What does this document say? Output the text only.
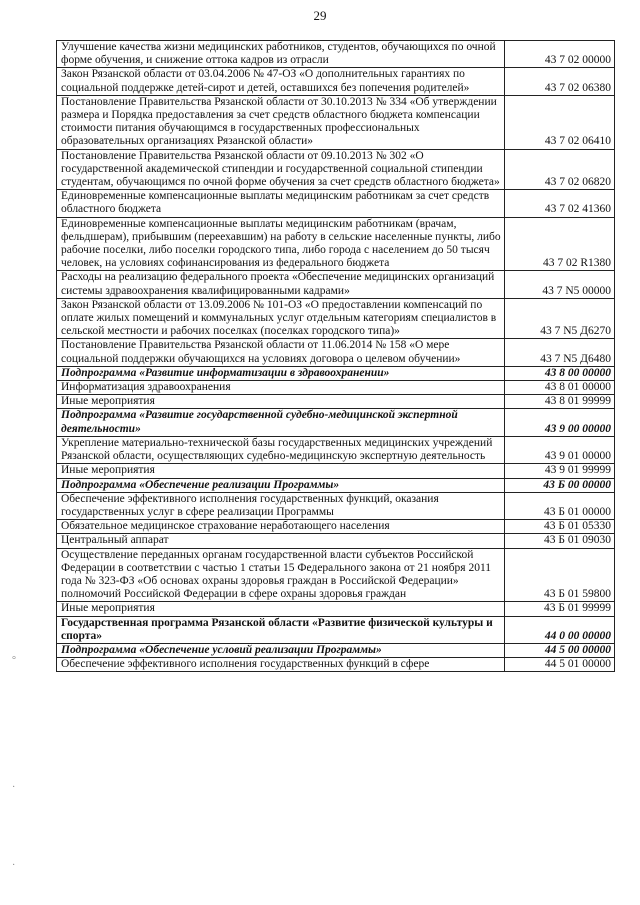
29
Улучшение качества жизни медицинских работников, студентов, обучающихся по очной форме обучения, и снижение оттока кадров из отрасли	43 7 02 00000
Закон Рязанской области от 03.04.2006 № 47-ОЗ «О дополнительных гарантиях по социальной поддержке детей-сирот и детей, оставшихся без попечения родителей»	43 7 02 06380
Постановление Правительства Рязанской области от 30.10.2013 № 334 «Об утверждении размера и Порядка предоставления за счет средств областного бюджета компенсации стоимости питания обучающимся в государственных профессиональных образовательных организациях Рязанской области»	43 7 02 06410
Постановление Правительства Рязанской области от 09.10.2013 № 302 «О государственной академической стипендии и государственной социальной стипендии студентам, обучающимся по очной форме обучения за счет средств областного бюджета»	43 7 02 06820
Единовременные компенсационные выплаты медицинским работникам за счет средств областного бюджета	43 7 02 41360
Единовременные компенсационные выплаты медицинским работникам (врачам, фельдшерам), прибывшим (переехавшим) на работу в сельские населенные пункты, либо рабочие поселки, либо поселки городского типа, либо города с населением до 50 тысяч человек, на условиях софинансирования из федерального бюджета	43 7 02 R1380
Расходы на реализацию федерального проекта «Обеспечение медицинских организаций системы здравоохранения квалифицированными кадрами»	43 7 N5 00000
Закон Рязанской области от 13.09.2006 № 101-ОЗ «О предоставлении компенсаций по оплате жилых помещений и коммунальных услуг отдельным категориям специалистов в сельской местности и рабочих поселках (поселках городского типа)»	43 7 N5 Д6270
Постановление Правительства Рязанской области от 11.06.2014 № 158 «О мере социальной поддержки обучающихся на условиях договора о целевом обучении»	43 7 N5 Д6480
Подпрограмма «Развитие информатизации в здравоохранении»	43 8 00 00000
Информатизация здравоохранения	43 8 01 00000
Иные мероприятия	43 8 01 99999
Подпрограмма «Развитие государственной судебно-медицинской экспертной деятельности»	43 9 00 00000
Укрепление материально-технической базы государственных медицинских учреждений Рязанской области, осуществляющих судебно-медицинскую экспертную деятельность	43 9 01 00000
Иные мероприятия	43 9 01 99999
Подпрограмма «Обеспечение реализации Программы»	43 Б 00 00000
Обеспечение эффективного исполнения государственных функций, оказания государственных услуг в сфере реализации Программы	43 Б 01 00000
Обязательное медицинское страхование неработающего населения	43 Б 01 05330
Центральный аппарат	43 Б 01 09030
Осуществление переданных органам государственной власти субъектов Российской Федерации в соответствии с частью 1 статьи 15 Федерального закона от 21 ноября 2011 года № 323-ФЗ «Об основах охраны здоровья граждан в Российской Федерации» полномочий Российской Федерации в сфере охраны здоровья граждан	43 Б 01 59800
Иные мероприятия	43 Б 01 99999
Государственная программа Рязанской области «Развитие физической культуры и спорта»	44 0 00 00000
Подпрограмма «Обеспечение условий реализации Программы»	44 5 00 00000
Обеспечение эффективного исполнения государственных функций в сфере	44 5 01 00000
°
·
·
